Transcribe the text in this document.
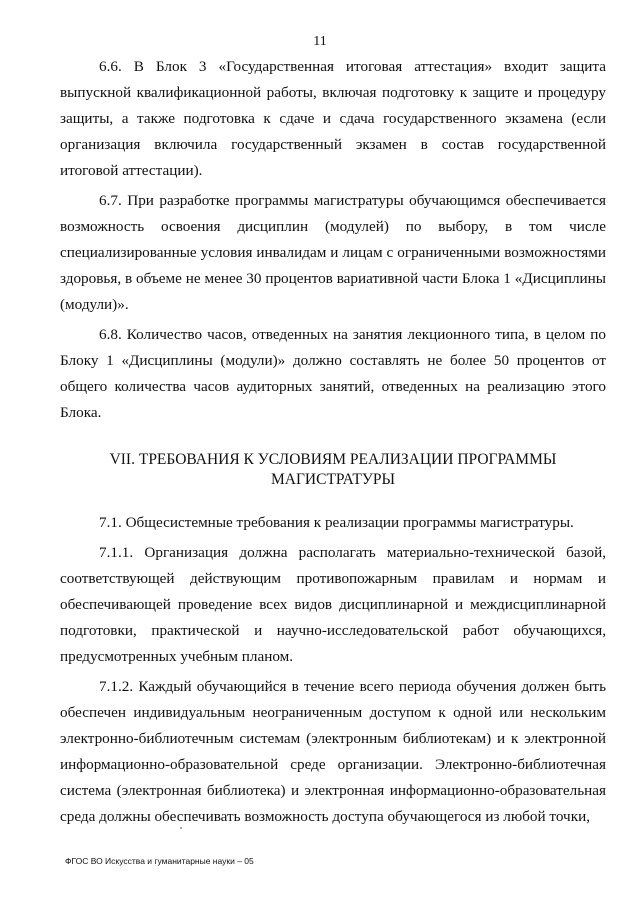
11

6.6. В Блок 3 «Государственная итоговая аттестация» входит защита выпускной квалификационной работы, включая подготовку к защите и процедуру защиты, а также подготовка к сдаче и сдача государственного экзамена (если организация включила государственный экзамен в состав государственной итоговой аттестации).

6.7. При разработке программы магистратуры обучающимся обеспечивается возможность освоения дисциплин (модулей) по выбору, в том числе специализированные условия инвалидам и лицам с ограниченными возможностями здоровья, в объеме не менее 30 процентов вариативной части Блока 1 «Дисциплины (модули)».

6.8. Количество часов, отведенных на занятия лекционного типа, в целом по Блоку 1 «Дисциплины (модули)» должно составлять не более 50 процентов от общего количества часов аудиторных занятий, отведенных на реализацию этого Блока.

VII. ТРЕБОВАНИЯ К УСЛОВИЯМ РЕАЛИЗАЦИИ ПРОГРАММЫ
МАГИСТРАТУРЫ

7.1. Общесистемные требования к реализации программы магистратуры.

7.1.1. Организация должна располагать материально-технической базой, соответствующей действующим противопожарным правилам и нормам и обеспечивающей проведение всех видов дисциплинарной и междисциплинарной подготовки, практической и научно-исследовательской работ обучающихся, предусмотренных учебным планом.

7.1.2. Каждый обучающийся в течение всего периода обучения должен быть обеспечен индивидуальным неограниченным доступом к одной или нескольким электронно-библиотечным системам (электронным библиотекам) и к электронной информационно-образовательной среде организации. Электронно-библиотечная система (электронная библиотека) и электронная информационно-образовательная среда должны обеспечивать возможность доступа обучающегося из любой точки,

ФГОС ВО Искусства и гуманитарные науки – 05
